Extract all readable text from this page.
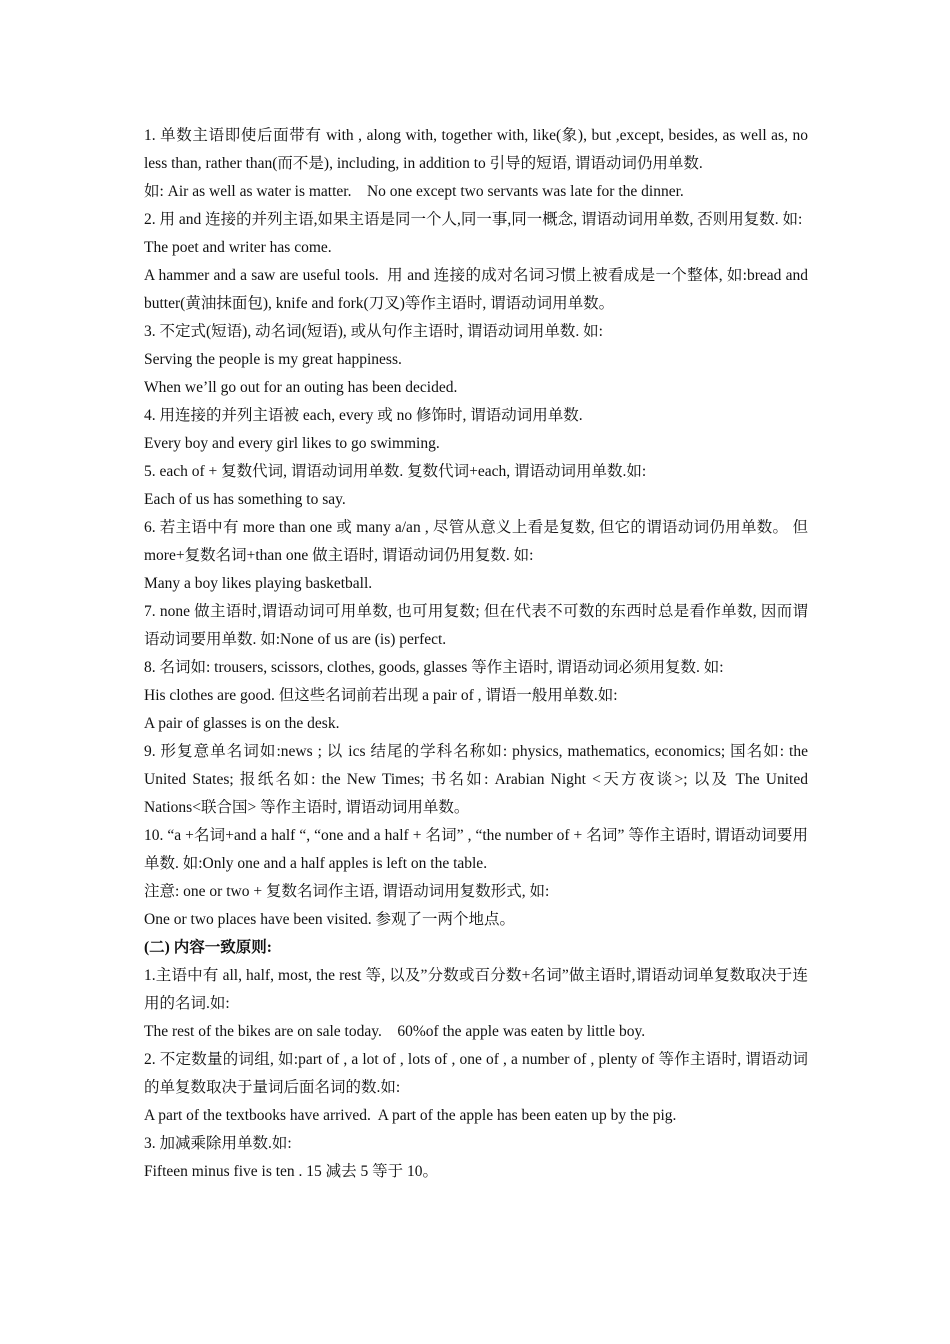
1. 单数主语即使后面带有 with , along with, together with, like(象), but ,except, besides, as well as, no less than, rather than(而不是), including, in addition to 引导的短语, 谓语动词仍用单数.

如: Air as well as water is matter.    No one except two servants was late for the dinner.

2. 用 and 连接的并列主语,如果主语是同一个人,同一事,同一概念, 谓语动词用单数, 否则用复数. 如:

The poet and writer has come.

A hammer and a saw are useful tools.  用 and 连接的成对名词习惯上被看成是一个整体, 如:bread and butter(黄油抹面包), knife and fork(刀叉)等作主语时, 谓语动词用单数。

3. 不定式(短语), 动名词(短语), 或从句作主语时, 谓语动词用单数. 如:

Serving the people is my great happiness.

When we’ll go out for an outing has been decided.

4. 用连接的并列主语被 each, every 或 no 修饰时, 谓语动词用单数.

Every boy and every girl likes to go swimming.

5. each of + 复数代词, 谓语动词用单数. 复数代词+each, 谓语动词用单数.如:

Each of us has something to say.

6. 若主语中有 more than one 或 many a/an , 尽管从意义上看是复数, 但它的谓语动词仍用单数。 但 more+复数名词+than one 做主语时, 谓语动词仍用复数. 如:

Many a boy likes playing basketball.

7. none 做主语时,谓语动词可用单数, 也可用复数; 但在代表不可数的东西时总是看作单数, 因而谓语动词要用单数. 如:None of us are (is) perfect.

8. 名词如: trousers, scissors, clothes, goods, glasses 等作主语时, 谓语动词必须用复数. 如:

His clothes are good. 但这些名词前若出现 a pair of , 谓语一般用单数.如:

A pair of glasses is on the desk.

9. 形复意单名词如:news ; 以 ics 结尾的学科名称如: physics, mathematics, economics; 国名如: the United States; 报纸名如: the New Times; 书名如: Arabian Night <天方夜谈>; 以及 The United Nations<联合国> 等作主语时, 谓语动词用单数。

10. “a +名词+and a half “, “one and a half + 名词” , “the number of + 名词” 等作主语时, 谓语动词要用单数. 如:Only one and a half apples is left on the table.

注意: one or two + 复数名词作主语, 谓语动词用复数形式, 如:

One or two places have been visited. 参观了一两个地点。

(二) 内容一致原则:

1.主语中有 all, half, most, the rest 等, 以及”分数或百分数+名词”做主语时,谓语动词单复数取决于连用的名词.如:

The rest of the bikes are on sale today.    60%of the apple was eaten by little boy.

2. 不定数量的词组, 如:part of , a lot of , lots of , one of , a number of , plenty of 等作主语时, 谓语动词的单复数取决于量词后面名词的数.如:

A part of the textbooks have arrived.  A part of the apple has been eaten up by the pig.

3. 加减乘除用单数.如:

Fifteen minus five is ten . 15 减去 5 等于 10。
